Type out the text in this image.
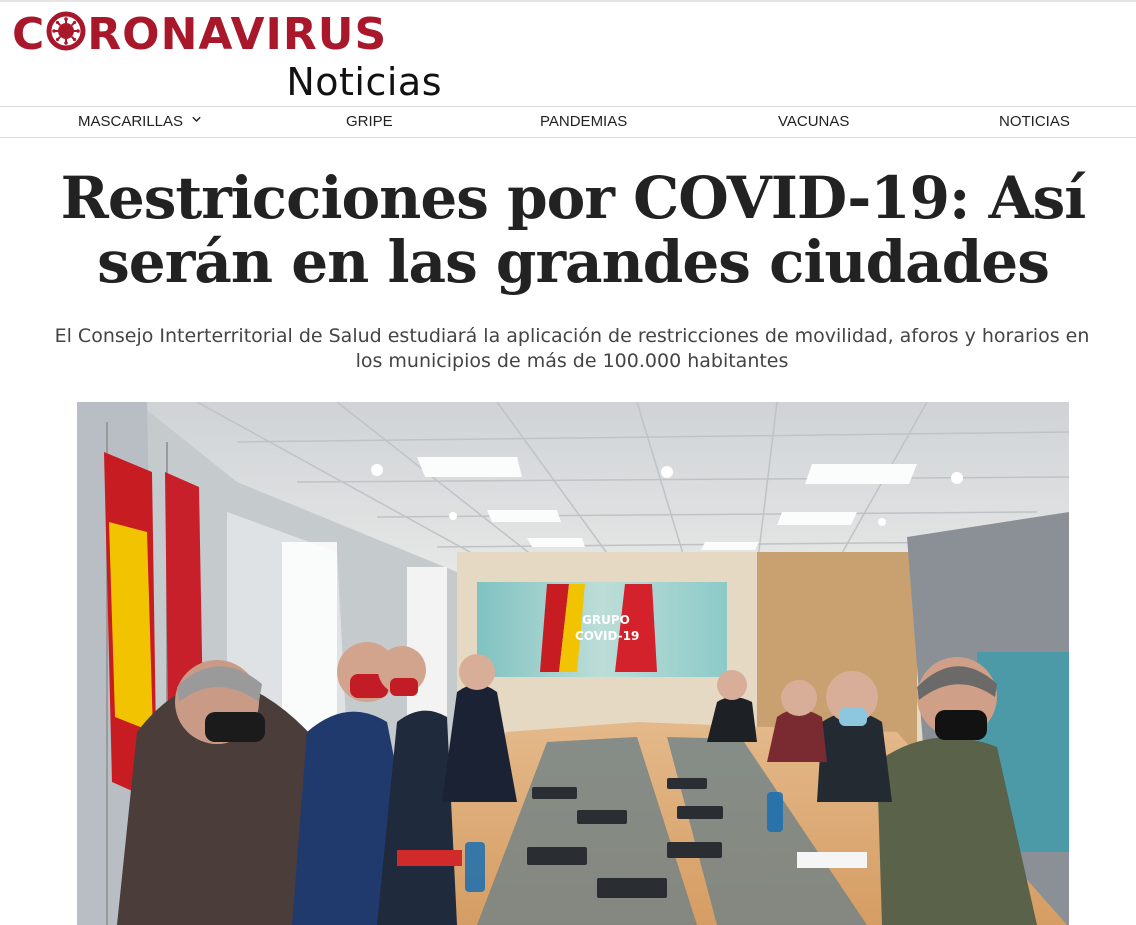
C RONAVIRUS
Noticias
MASCARILLAS	GRIPE	PANDEMIAS	VACUNAS	NOTICIAS
Restricciones por COVID-19: Así serán en las grandes ciudades

El Consejo Interterritorial de Salud estudiará la aplicación de restricciones de movilidad, aforos y horarios en los municipios de más de 100.000 habitantes

GRUPO
COVID-19
